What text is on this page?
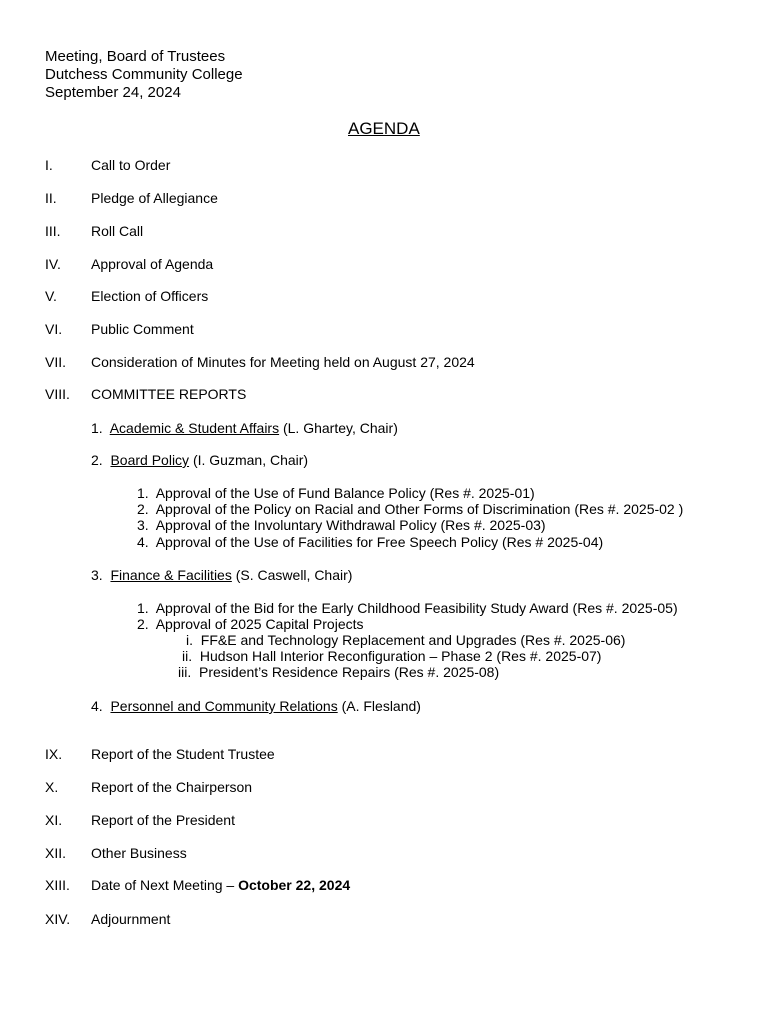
Meeting, Board of Trustees
Dutchess Community College
September 24, 2024
AGENDA
I.	Call to Order
II. Pledge of Allegiance
III. Roll Call
IV. Approval of Agenda
V. Election of Officers
VI. Public Comment
VII. Consideration of Minutes for Meeting held on August 27, 2024
VIII. COMMITTEE REPORTS
1. Academic & Student Affairs (L. Ghartey, Chair)
2. Board Policy (I. Guzman, Chair)
1. Approval of the Use of Fund Balance Policy (Res #. 2025-01)
2. Approval of the Policy on Racial and Other Forms of Discrimination (Res #. 2025-02 )
3. Approval of the Involuntary Withdrawal Policy (Res #. 2025-03)
4. Approval of the Use of Facilities for Free Speech Policy (Res # 2025-04)
3. Finance & Facilities (S. Caswell, Chair)
1. Approval of the Bid for the Early Childhood Feasibility Study Award (Res #. 2025-05)
2. Approval of 2025 Capital Projects
i. FF&E and Technology Replacement and Upgrades (Res #. 2025-06)
ii. Hudson Hall Interior Reconfiguration – Phase 2 (Res #. 2025-07)
iii. President’s Residence Repairs (Res #. 2025-08)
4. Personnel and Community Relations (A. Flesland)
IX. Report of the Student Trustee
X. Report of the Chairperson
XI. Report of the President
XII. Other Business
XIII. Date of Next Meeting – October 22, 2024
XIV. Adjournment
